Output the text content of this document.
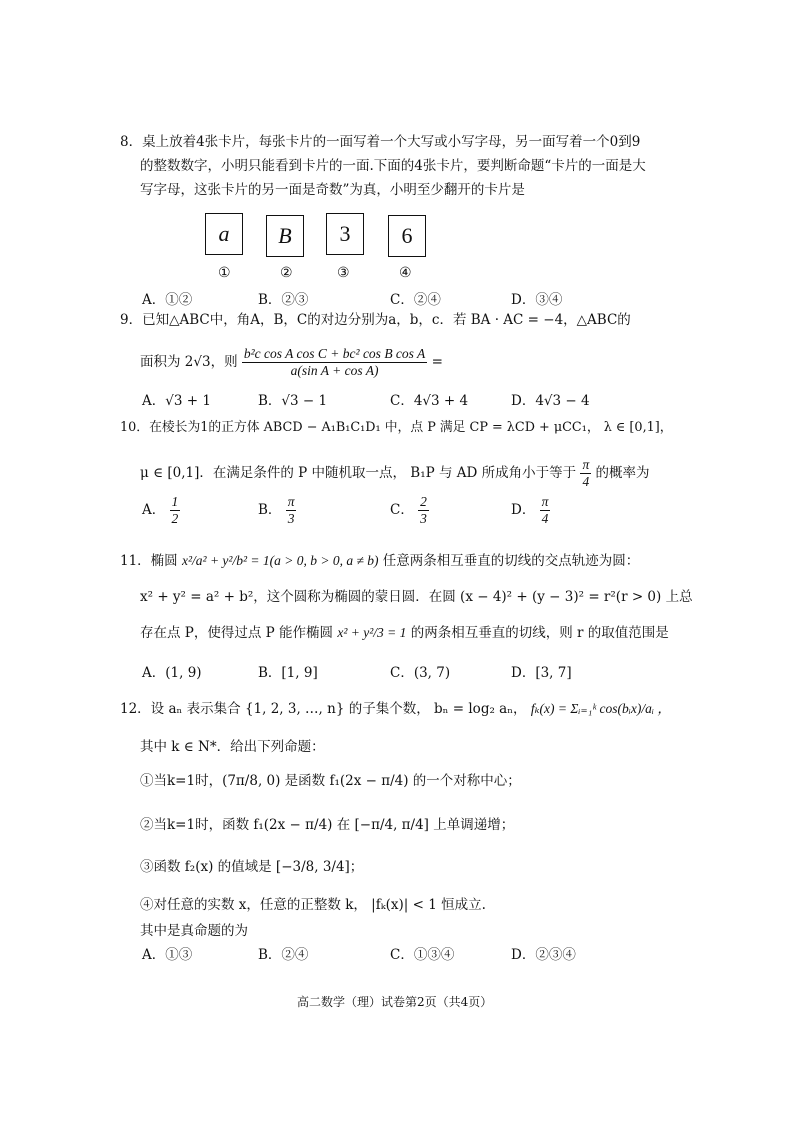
8．桌上放着4张卡片，每张卡片的一面写着一个大写或小写字母，另一面写着一个0到9
的整数数字，小明只能看到卡片的一面.下面的4张卡片，要判断命题“卡片的一面是大
写字母，这张卡片的另一面是奇数”为真，小明至少翻开的卡片是
a	B	3	6
①	②	③	④
A．①②	B．②③	C．②④	D．③④
9．已知△ABC中，角A，B，C的对边分别为a，b，c．若 BA · AC = −4，△ABC的
面积为 2√3，则 $\frac{\text{b²c cos A cos C + bc² cos B cos A}}{\text{a(sin A + cos A)}}$ =
A．√3 + 1	B．√3 − 1	C．4√3 + 4	D．4√3 − 4
10．在棱长为1的正方体 ABCD − A₁B₁C₁D₁ 中，点 P 满足 CP = λCD + μCC₁， λ ∈ [0,1]，
μ ∈ [0,1]．在满足条件的 P 中随机取一点， B₁P 与 AD 所成角小于等于 $\frac{\pi}{4}$ 的概率为
A． $\frac{1}{2}$	B． $\frac{\pi}{3}$	C． $\frac{2}{3}$	D． $\frac{\pi}{4}$
11．椭圆 x²/a² + y²/b² = 1(a > 0, b > 0, a ≠ b) 任意两条相互垂直的切线的交点轨迹为圆：
x² + y² = a² + b²，这个圆称为椭圆的蒙日圆．在圆 (x − 4)² + (y − 3)² = r²(r > 0) 上总
存在点 P，使得过点 P 能作椭圆 x² + y²/3 = 1 的两条相互垂直的切线，则 r 的取值范围是
A．(1, 9)	B．[1, 9]	C．(3, 7)	D．[3, 7]
12．设 aₙ 表示集合 {1, 2, 3, …, n} 的子集个数， bₙ = log₂ aₙ， fₖ(x) = Σᵢ₌₁ᵏ cos(bᵢx)/aᵢ ，
其中 k ∈ N*．给出下列命题：
①当k=1时，(7π/8, 0) 是函数 f₁(2x − π/4) 的一个对称中心；
②当k=1时，函数 f₁(2x − π/4) 在 [−π/4, π/4] 上单调递增；
③函数 f₂(x) 的值域是 [−3/8, 3/4]；
④对任意的实数 x，任意的正整数 k， |fₖ(x)| < 1 恒成立.
其中是真命题的为
A．①③	B．②④	C．①③④	D．②③④
高二数学（理）试卷第2页（共4页）
